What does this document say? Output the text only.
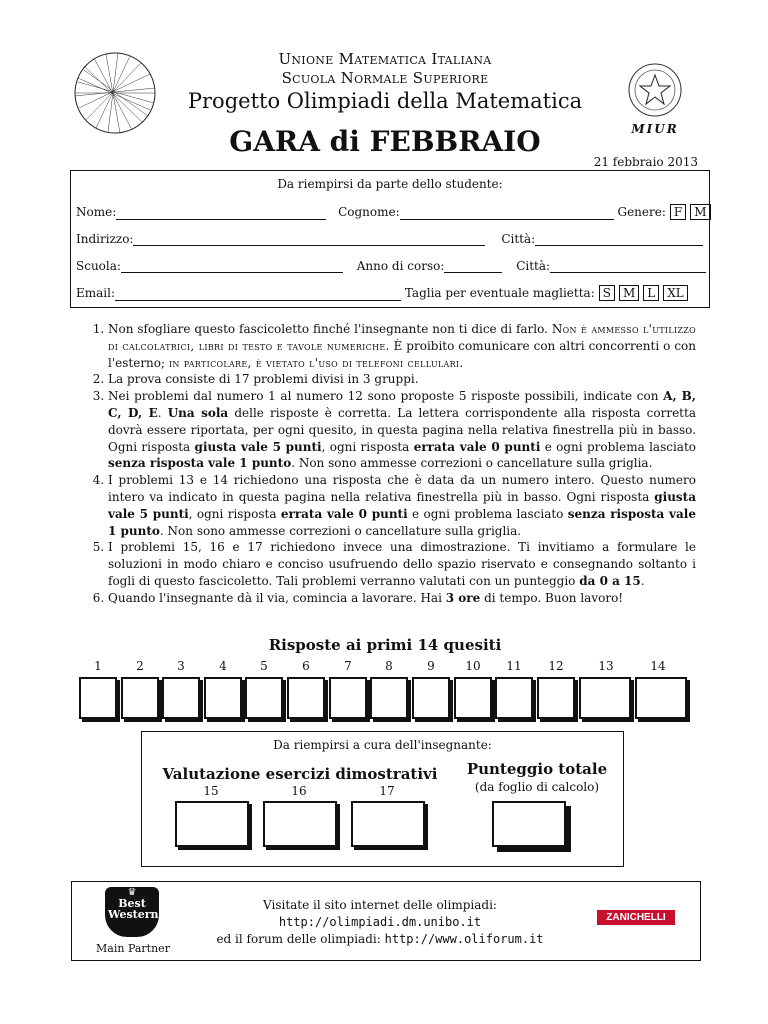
Unione Matematica Italiana
Scuola Normale Superiore
Progetto Olimpiadi della Matematica
GARA di FEBBRAIO	MIUR
21 febbraio 2013
Da riempirsi da parte dello studente:
Nome:	Cognome:	Genere: F M
Indirizzo:	Città:
Scuola:	Anno di corso:	Città:
Email:	Taglia per eventuale maglietta: S M L XL
1. Non sfogliare questo fascicoletto finché l'insegnante non ti dice di farlo. Non è ammesso l'utilizzo di calcolatrici, libri di testo e tavole numeriche. È proibito comunicare con altri concorrenti o con l'esterno; in particolare, è vietato l'uso di telefoni cellulari.
2. La prova consiste di 17 problemi divisi in 3 gruppi.
3. Nei problemi dal numero 1 al numero 12 sono proposte 5 risposte possibili, indicate con A, B, C, D, E. Una sola delle risposte è corretta. La lettera corrispondente alla risposta corretta dovrà essere riportata, per ogni quesito, in questa pagina nella relativa finestrella più in basso. Ogni risposta giusta vale 5 punti, ogni risposta errata vale 0 punti e ogni problema lasciato senza risposta vale 1 punto. Non sono ammesse correzioni o cancellature sulla griglia.
4. I problemi 13 e 14 richiedono una risposta che è data da un numero intero. Questo numero intero va indicato in questa pagina nella relativa finestrella più in basso. Ogni risposta giusta vale 5 punti, ogni risposta errata vale 0 punti e ogni problema lasciato senza risposta vale 1 punto. Non sono ammesse correzioni o cancellature sulla griglia.
5. I problemi 15, 16 e 17 richiedono invece una dimostrazione. Ti invitiamo a formulare le soluzioni in modo chiaro e conciso usufruendo dello spazio riservato e consegnando soltanto i fogli di questo fascicoletto. Tali problemi verranno valutati con un punteggio da 0 a 15.
6. Quando l'insegnante dà il via, comincia a lavorare. Hai 3 ore di tempo. Buon lavoro!
Risposte ai primi 14 quesiti
1	2	3	4	5	6	7	8	9	10	11	12	13	14
Da riempirsi a cura dell'insegnante:
Valutazione esercizi dimostrativi
15	16	17
Punteggio totale
(da foglio di calcolo)
♛
Best Western
Main Partner
Visitate il sito internet delle olimpiadi:
http://olimpiadi.dm.unibo.it
ed il forum delle olimpiadi: http://www.oliforum.it
ZANICHELLI
